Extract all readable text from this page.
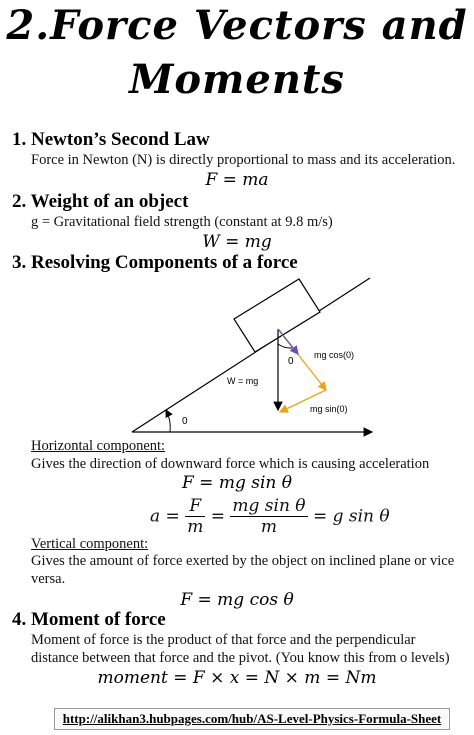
2.Force Vectors and
Moments
1. Newton’s Second Law
Force in Newton (N) is directly proportional to mass and its acceleration.
F = ma
2. Weight of an object
g = Gravitational field strength (constant at 9.8 m/s)
W = mg
3. Resolving Components of a force
0
W = mg
0
mg cos(0)
mg sin(0)
Horizontal component:
Gives the direction of downward force which is causing acceleration
F = mg sin θ
$a = \frac{F}{m} = \frac{\text{mg sin θ}}{m} = g$ sin θ
Vertical component:
Gives the amount of force exerted by the object on inclined plane or vice
versa.
F = mg cos θ
4. Moment of force
Moment of force is the product of that force and the perpendicular
distance between that force and the pivot. (You know this from o levels)
moment = F × x = N × m = Nm
http://alikhan3.hubpages.com/hub/AS-Level-Physics-Formula-Sheet
